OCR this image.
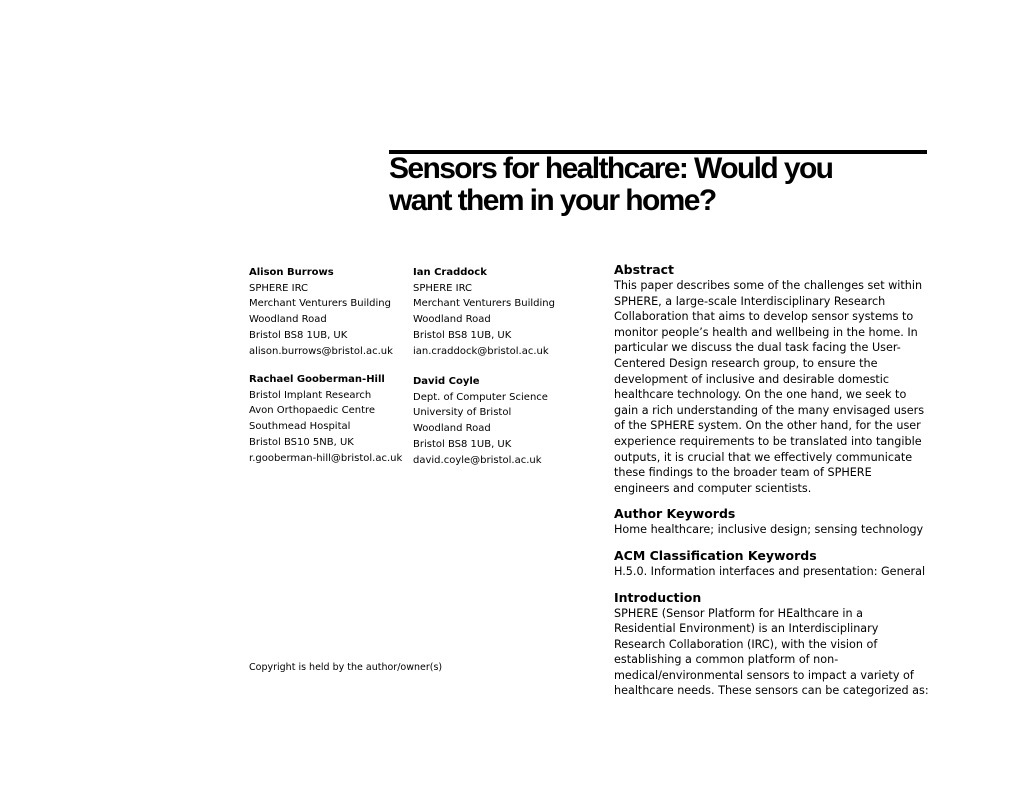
Sensors for healthcare: Would you
want them in your home?
Alison Burrows
SPHERE IRC
Merchant Venturers Building
Woodland Road
Bristol BS8 1UB, UK
alison.burrows@bristol.ac.uk
Ian Craddock
SPHERE IRC
Merchant Venturers Building
Woodland Road
Bristol BS8 1UB, UK
ian.craddock@bristol.ac.uk
Rachael Gooberman-Hill
Bristol Implant Research
Avon Orthopaedic Centre
Southmead Hospital
Bristol BS10 5NB, UK
r.gooberman-hill@bristol.ac.uk
David Coyle
Dept. of Computer Science
University of Bristol
Woodland Road
Bristol BS8 1UB, UK
david.coyle@bristol.ac.uk
Copyright is held by the author/owner(s)
Abstract
This paper describes some of the challenges set within
SPHERE, a large-scale Interdisciplinary Research
Collaboration that aims to develop sensor systems to
monitor people’s health and wellbeing in the home. In
particular we discuss the dual task facing the User-
Centered Design research group, to ensure the
development of inclusive and desirable domestic
healthcare technology. On the one hand, we seek to
gain a rich understanding of the many envisaged users
of the SPHERE system. On the other hand, for the user
experience requirements to be translated into tangible
outputs, it is crucial that we effectively communicate
these findings to the broader team of SPHERE
engineers and computer scientists.
Author Keywords
Home healthcare; inclusive design; sensing technology
ACM Classification Keywords
H.5.0. Information interfaces and presentation: General
Introduction
SPHERE (Sensor Platform for HEalthcare in a
Residential Environment) is an Interdisciplinary
Research Collaboration (IRC), with the vision of
establishing a common platform of non-
medical/environmental sensors to impact a variety of
healthcare needs. These sensors can be categorized as:
